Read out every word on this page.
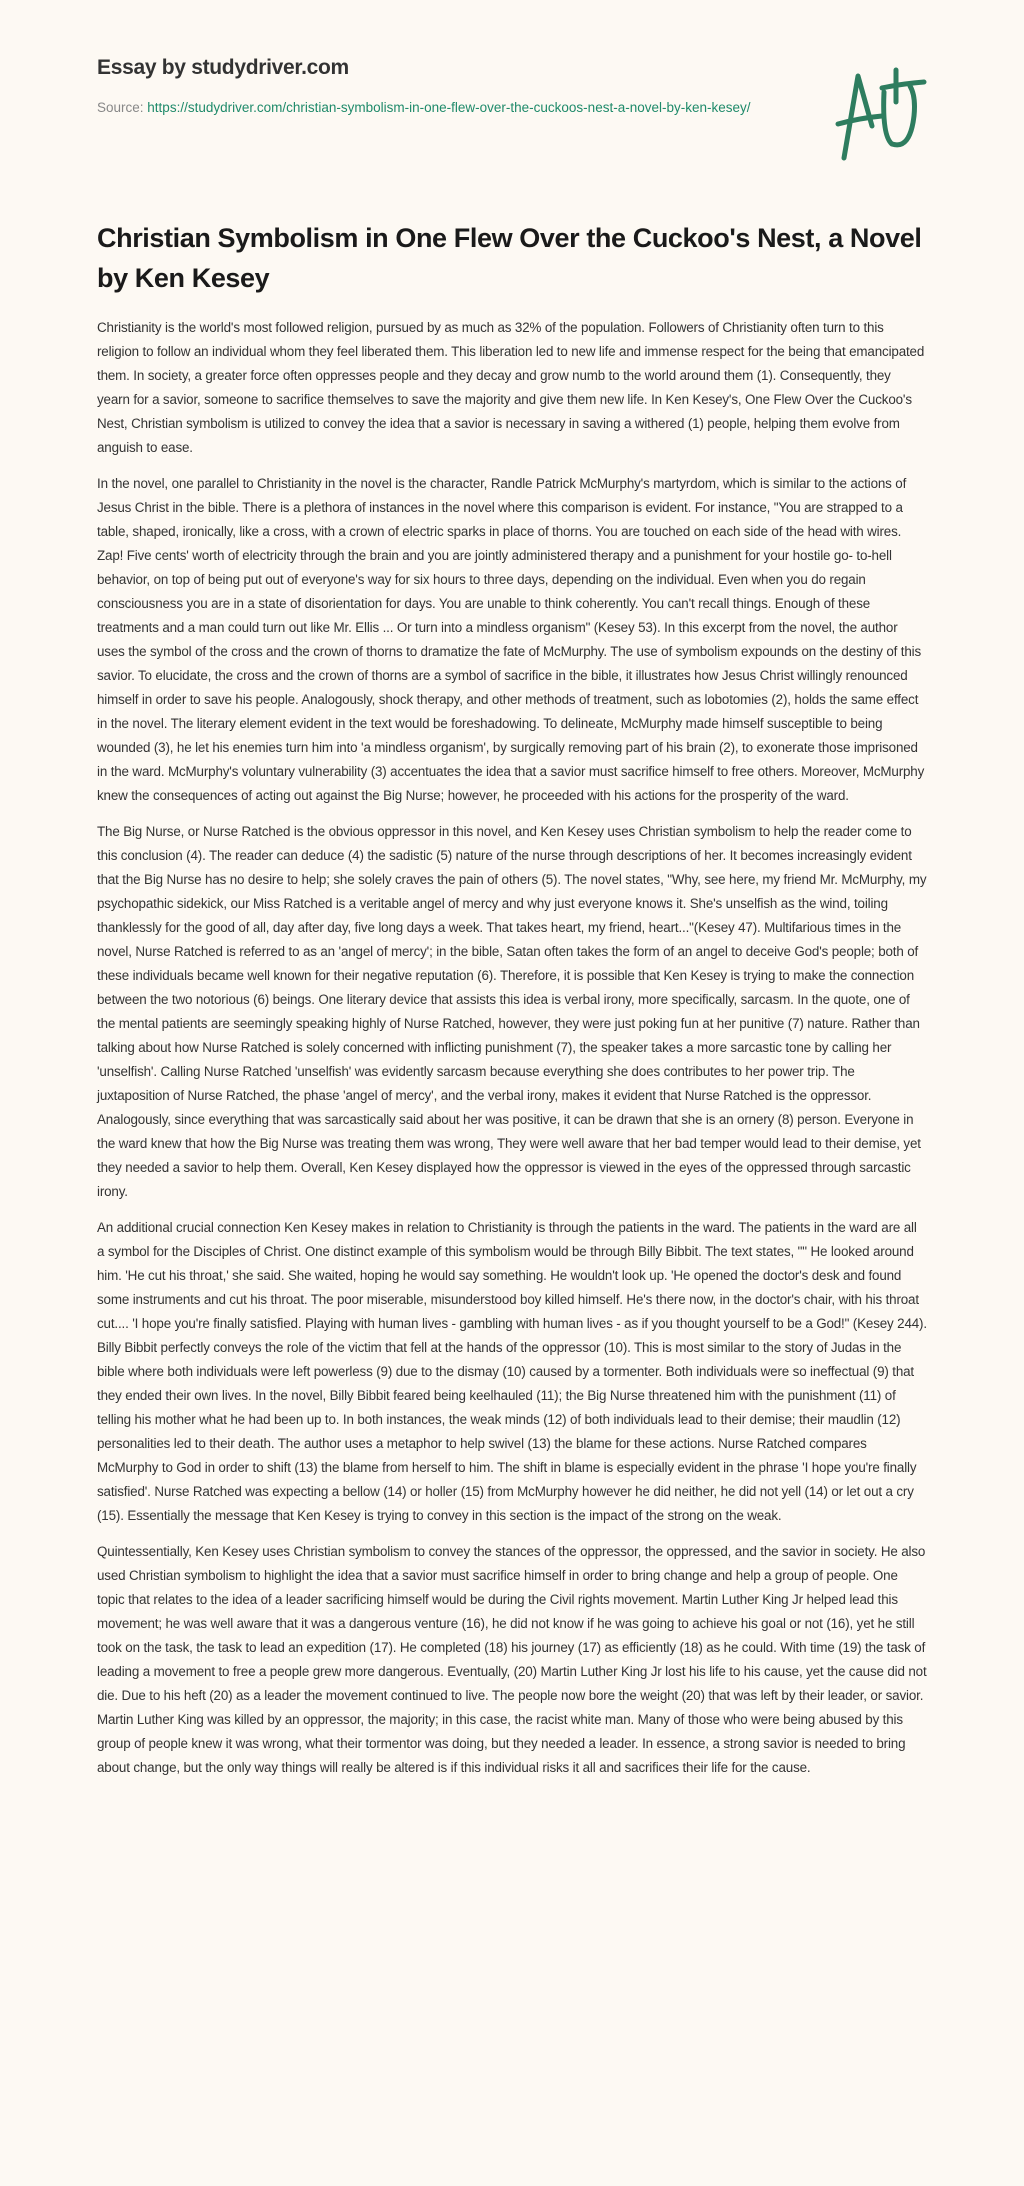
Essay by studydriver.com
Source: https://studydriver.com/christian-symbolism-in-one-flew-over-the-cuckoos-nest-a-novel-by-ken-kesey/
Christian Symbolism in One Flew Over the Cuckoo's Nest, a Novel by Ken Kesey

Christianity is the world's most followed religion, pursued by as much as 32% of the population. Followers of Christianity often turn to this religion to follow an individual whom they feel liberated them. This liberation led to new life and immense respect for the being that emancipated them. In society, a greater force often oppresses people and they decay and grow numb to the world around them (1). Consequently, they yearn for a savior, someone to sacrifice themselves to save the majority and give them new life. In Ken Kesey's, One Flew Over the Cuckoo's Nest, Christian symbolism is utilized to convey the idea that a savior is necessary in saving a withered (1) people, helping them evolve from anguish to ease.

In the novel, one parallel to Christianity in the novel is the character, Randle Patrick McMurphy's martyrdom, which is similar to the actions of Jesus Christ in the bible. There is a plethora of instances in the novel where this comparison is evident. For instance, "You are strapped to a table, shaped, ironically, like a cross, with a crown of electric sparks in place of thorns. You are touched on each side of the head with wires. Zap! Five cents' worth of electricity through the brain and you are jointly administered therapy and a punishment for your hostile go- to-hell behavior, on top of being put out of everyone's way for six hours to three days, depending on the individual. Even when you do regain consciousness you are in a state of disorientation for days. You are unable to think coherently. You can't recall things. Enough of these treatments and a man could turn out like Mr. Ellis ... Or turn into a mindless organism" (Kesey 53). In this excerpt from the novel, the author uses the symbol of the cross and the crown of thorns to dramatize the fate of McMurphy. The use of symbolism expounds on the destiny of this savior. To elucidate, the cross and the crown of thorns are a symbol of sacrifice in the bible, it illustrates how Jesus Christ willingly renounced himself in order to save his people. Analogously, shock therapy, and other methods of treatment, such as lobotomies (2), holds the same effect in the novel. The literary element evident in the text would be foreshadowing. To delineate, McMurphy made himself susceptible to being wounded (3), he let his enemies turn him into 'a mindless organism', by surgically removing part of his brain (2), to exonerate those imprisoned in the ward. McMurphy's voluntary vulnerability (3) accentuates the idea that a savior must sacrifice himself to free others. Moreover, McMurphy knew the consequences of acting out against the Big Nurse; however, he proceeded with his actions for the prosperity of the ward.

The Big Nurse, or Nurse Ratched is the obvious oppressor in this novel, and Ken Kesey uses Christian symbolism to help the reader come to this conclusion (4). The reader can deduce (4) the sadistic (5) nature of the nurse through descriptions of her. It becomes increasingly evident that the Big Nurse has no desire to help; she solely craves the pain of others (5). The novel states, "Why, see here, my friend Mr. McMurphy, my psychopathic sidekick, our Miss Ratched is a veritable angel of mercy and why just everyone knows it. She's unselfish as the wind, toiling thanklessly for the good of all, day after day, five long days a week. That takes heart, my friend, heart..."(Kesey 47). Multifarious times in the novel, Nurse Ratched is referred to as an 'angel of mercy'; in the bible, Satan often takes the form of an angel to deceive God's people; both of these individuals became well known for their negative reputation (6). Therefore, it is possible that Ken Kesey is trying to make the connection between the two notorious (6) beings. One literary device that assists this idea is verbal irony, more specifically, sarcasm. In the quote, one of the mental patients are seemingly speaking highly of Nurse Ratched, however, they were just poking fun at her punitive (7) nature. Rather than talking about how Nurse Ratched is solely concerned with inflicting punishment (7), the speaker takes a more sarcastic tone by calling her 'unselfish'. Calling Nurse Ratched 'unselfish' was evidently sarcasm because everything she does contributes to her power trip. The juxtaposition of Nurse Ratched, the phase 'angel of mercy', and the verbal irony, makes it evident that Nurse Ratched is the oppressor. Analogously, since everything that was sarcastically said about her was positive, it can be drawn that she is an ornery (8) person. Everyone in the ward knew that how the Big Nurse was treating them was wrong, They were well aware that her bad temper would lead to their demise, yet they needed a savior to help them. Overall, Ken Kesey displayed how the oppressor is viewed in the eyes of the oppressed through sarcastic irony.

An additional crucial connection Ken Kesey makes in relation to Christianity is through the patients in the ward. The patients in the ward are all a symbol for the Disciples of Christ. One distinct example of this symbolism would be through Billy Bibbit. The text states, "" He looked around him. 'He cut his throat,' she said. She waited, hoping he would say something. He wouldn't look up. 'He opened the doctor's desk and found some instruments and cut his throat. The poor miserable, misunderstood boy killed himself. He's there now, in the doctor's chair, with his throat cut.... 'I hope you're finally satisfied. Playing with human lives - gambling with human lives - as if you thought yourself to be a God!" (Kesey 244). Billy Bibbit perfectly conveys the role of the victim that fell at the hands of the oppressor (10). This is most similar to the story of Judas in the bible where both individuals were left powerless (9) due to the dismay (10) caused by a tormenter. Both individuals were so ineffectual (9) that they ended their own lives. In the novel, Billy Bibbit feared being keelhauled (11); the Big Nurse threatened him with the punishment (11) of telling his mother what he had been up to. In both instances, the weak minds (12) of both individuals lead to their demise; their maudlin (12) personalities led to their death. The author uses a metaphor to help swivel (13) the blame for these actions. Nurse Ratched compares McMurphy to God in order to shift (13) the blame from herself to him. The shift in blame is especially evident in the phrase 'I hope you're finally satisfied'. Nurse Ratched was expecting a bellow (14) or holler (15) from McMurphy however he did neither, he did not yell (14) or let out a cry (15). Essentially the message that Ken Kesey is trying to convey in this section is the impact of the strong on the weak.

Quintessentially, Ken Kesey uses Christian symbolism to convey the stances of the oppressor, the oppressed, and the savior in society. He also used Christian symbolism to highlight the idea that a savior must sacrifice himself in order to bring change and help a group of people. One topic that relates to the idea of a leader sacrificing himself would be during the Civil rights movement. Martin Luther King Jr helped lead this movement; he was well aware that it was a dangerous venture (16), he did not know if he was going to achieve his goal or not (16), yet he still took on the task, the task to lead an expedition (17). He completed (18) his journey (17) as efficiently (18) as he could. With time (19) the task of leading a movement to free a people grew more dangerous. Eventually, (20) Martin Luther King Jr lost his life to his cause, yet the cause did not die. Due to his heft (20) as a leader the movement continued to live. The people now bore the weight (20) that was left by their leader, or savior. Martin Luther King was killed by an oppressor, the majority; in this case, the racist white man. Many of those who were being abused by this group of people knew it was wrong, what their tormentor was doing, but they needed a leader. In essence, a strong savior is needed to bring about change, but the only way things will really be altered is if this individual risks it all and sacrifices their life for the cause.
